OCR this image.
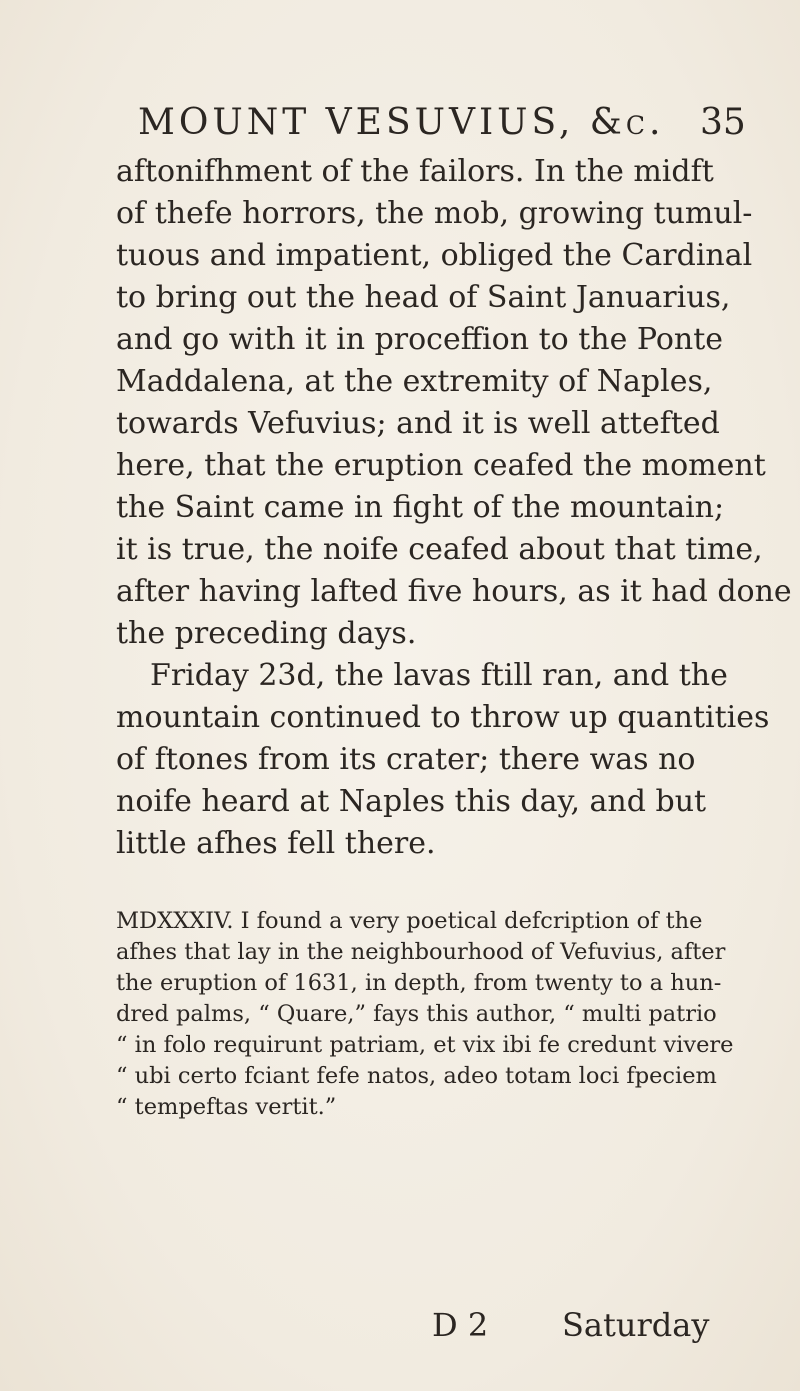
MOUNT VESUVIUS, &c. 35
aftonifhment of the failors. In the midft
of thefe horrors, the mob, growing tumul-
tuous and impatient, obliged the Cardinal
to bring out the head of Saint Januarius,
and go with it in proceffion to the Ponte
Maddalena, at the extremity of Naples,
towards Vefuvius; and it is well attefted
here, that the eruption ceafed the moment
the Saint came in fight of the mountain;
it is true, the noife ceafed about that time,
after having lafted five hours, as it had done
the preceding days.
Friday 23d, the lavas ftill ran, and the
mountain continued to throw up quantities
of ftones from its crater; there was no
noife heard at Naples this day, and but
little afhes fell there.
MDXXXIV. I found a very poetical defcription of the
afhes that lay in the neighbourhood of Vefuvius, after
the eruption of 1631, in depth, from twenty to a hun-
dred palms, “ Quare,” fays this author, “ multi patrio
“ in folo requirunt patriam, et vix ibi fe credunt vivere
“ ubi certo fciant fefe natos, adeo totam loci fpeciem
“ tempeftas vertit.”
D 2 Saturday
